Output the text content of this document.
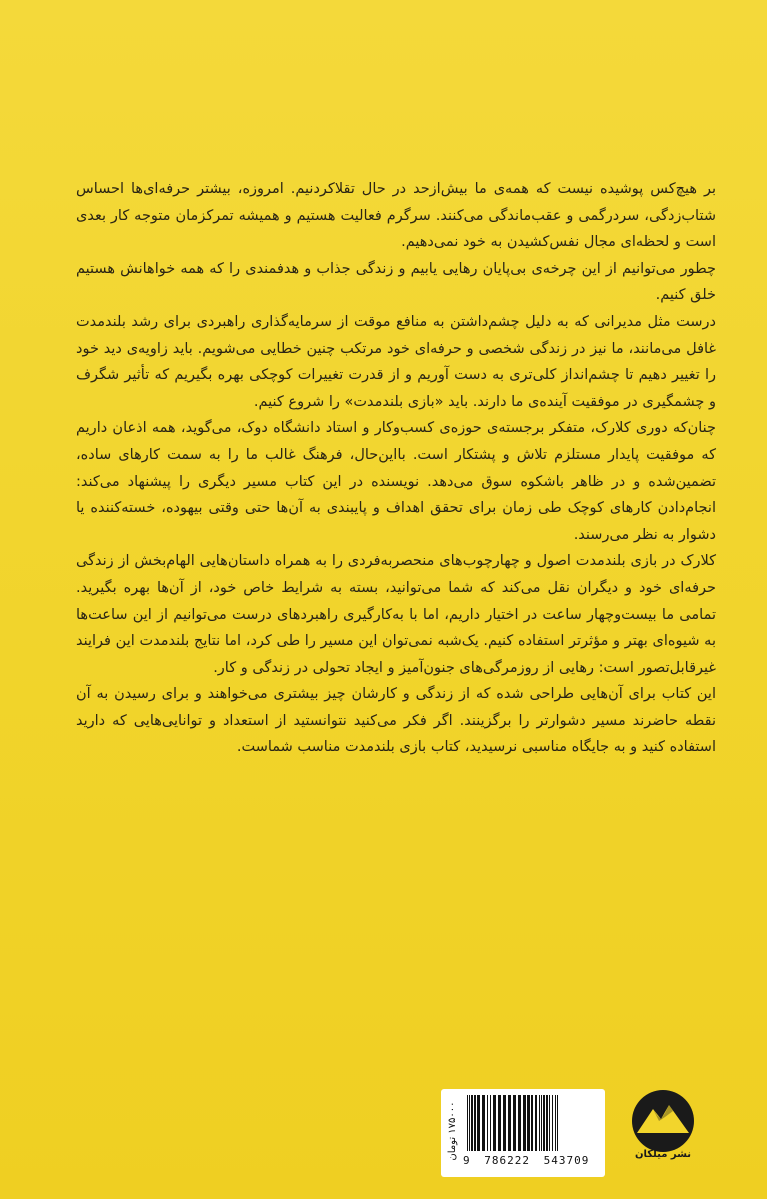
بر هیچ‌کس پوشیده نیست که همه‌ی ما بیش‌ازحد در حال تقلاکردنیم. امروزه، بیشتر حرفه‌ای‌ها احساس شتاب‌زدگی، سردرگمی و عقب‌ماندگی می‌کنند. سرگرم فعالیت هستیم و همیشه تمرکزمان متوجه کار بعدی است و لحظه‌ای مجال نفس‌کشیدن به خود نمی‌دهیم.

چطور می‌توانیم از این چرخه‌ی بی‌پایان رهایی یابیم و زندگی جذاب و هدفمندی را که همه خواهانش هستیم خلق کنیم.

درست مثل مدیرانی که به دلیل چشم‌داشتن به منافع موقت از سرمایه‌گذاری راهبردی برای رشد بلندمدت غافل می‌مانند، ما نیز در زندگی شخصی و حرفه‌ای خود مرتکب چنین خطایی می‌شویم. باید زاویه‌ی دید خود را تغییر دهیم تا چشم‌انداز کلی‌تری به دست آوریم و از قدرت تغییرات کوچکی بهره بگیریم که تأثیر شگرف و چشمگیری در موفقیت آینده‌ی ما دارند. باید «بازی بلندمدت» را شروع کنیم.

چنان‌که دوری کلارک، متفکر برجسته‌ی حوزه‌ی کسب‌وکار و استاد دانشگاه دوک، می‌گوید، همه اذعان داریم که موفقیت پایدار مستلزم تلاش و پشتکار است. بااین‌حال، فرهنگ غالب ما را به سمت کارهای ساده، تضمین‌شده و در ظاهر باشکوه سوق می‌دهد. نویسنده در این کتاب مسیر دیگری را پیشنهاد می‌کند: انجام‌دادن کارهای کوچک طی زمان برای تحقق اهداف و پایبندی به آن‌ها حتی وقتی بیهوده، خسته‌کننده یا دشوار به نظر می‌رسند.

کلارک در بازی بلندمدت اصول و چهارچوب‌های منحصربه‌فردی را به همراه داستان‌هایی الهام‌بخش از زندگی حرفه‌ای خود و دیگران نقل می‌کند که شما می‌توانید، بسته به شرایط خاص خود، از آن‌ها بهره بگیرید. تمامی ما بیست‌وچهار ساعت در اختیار داریم، اما با به‌کارگیری راهبردهای درست می‌توانیم از این ساعت‌ها به شیوه‌ای بهتر و مؤثرتر استفاده کنیم. یک‌شبه نمی‌توان این مسیر را طی کرد، اما نتایج بلندمدت این فرایند غیرقابل‌تصور است: رهایی از روزمرگی‌های جنون‌آمیز و ایجاد تحولی در زندگی و کار.

این کتاب برای آن‌هایی طراحی شده که از زندگی و کارشان چیز بیشتری می‌خواهند و برای رسیدن به آن نقطه حاضرند مسیر دشوارتر را برگزینند. اگر فکر می‌کنید نتوانستید از استعداد و توانایی‌هایی که دارید استفاده کنید و به جایگاه مناسبی نرسیدید، کتاب بازی بلندمدت مناسب شماست.

نشر میلکان
۱۷۵۰۰۰ تومان
9 786222 543709
